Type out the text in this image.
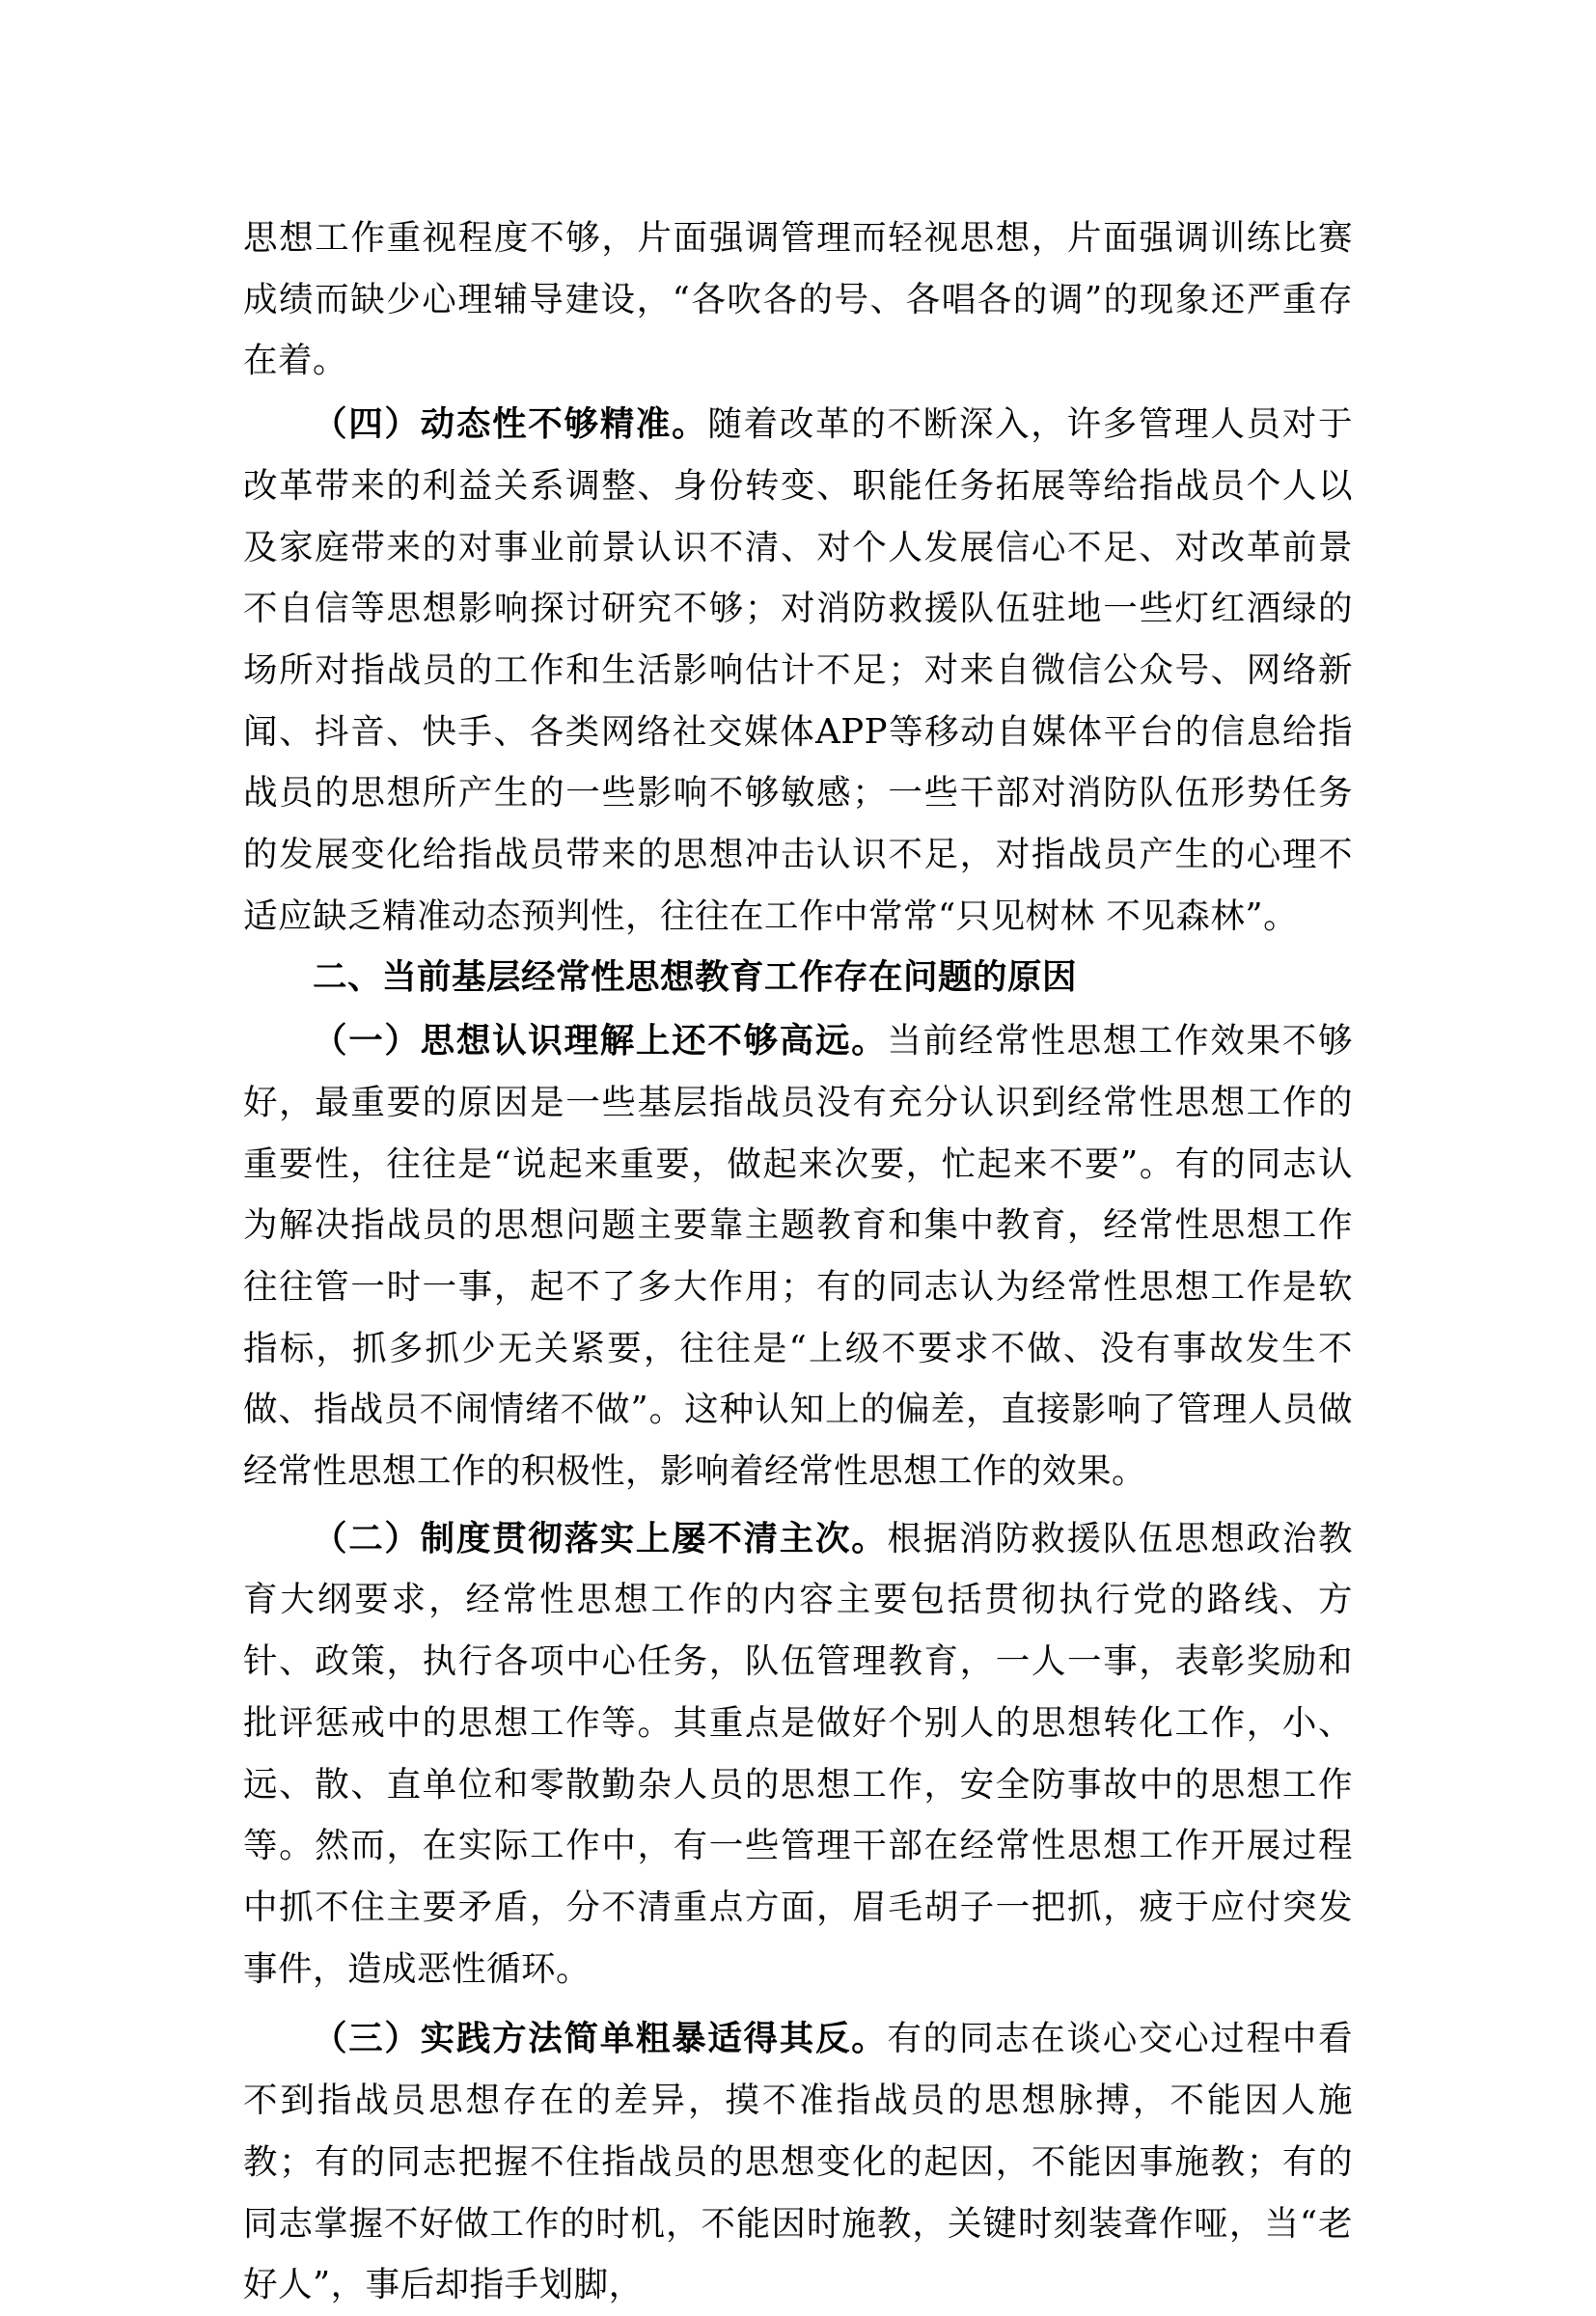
思想工作重视程度不够，片面强调管理而轻视思想，片面强调训练比赛成绩而缺少心理辅导建设，“各吹各的号、各唱各的调”的现象还严重存在着。

（四）动态性不够精准。随着改革的不断深入，许多管理人员对于改革带来的利益关系调整、身份转变、职能任务拓展等给指战员个人以及家庭带来的对事业前景认识不清、对个人发展信心不足、对改革前景不自信等思想影响探讨研究不够；对消防救援队伍驻地一些灯红酒绿的场所对指战员的工作和生活影响估计不足；对来自微信公众号、网络新闻、抖音、快手、各类网络社交媒体APP等移动自媒体平台的信息给指战员的思想所产生的一些影响不够敏感；一些干部对消防队伍形势任务的发展变化给指战员带来的思想冲击认识不足，对指战员产生的心理不适应缺乏精准动态预判性，往往在工作中常常“只见树林 不见森林”。

二、当前基层经常性思想教育工作存在问题的原因

（一）思想认识理解上还不够高远。当前经常性思想工作效果不够好，最重要的原因是一些基层指战员没有充分认识到经常性思想工作的重要性，往往是“说起来重要，做起来次要，忙起来不要”。有的同志认为解决指战员的思想问题主要靠主题教育和集中教育，经常性思想工作往往管一时一事，起不了多大作用；有的同志认为经常性思想工作是软指标，抓多抓少无关紧要，往往是“上级不要求不做、没有事故发生不做、指战员不闹情绪不做”。这种认知上的偏差，直接影响了管理人员做经常性思想工作的积极性，影响着经常性思想工作的效果。

（二）制度贯彻落实上屡不清主次。根据消防救援队伍思想政治教育大纲要求，经常性思想工作的内容主要包括贯彻执行党的路线、方针、政策，执行各项中心任务，队伍管理教育，一人一事，表彰奖励和批评惩戒中的思想工作等。其重点是做好个别人的思想转化工作，小、远、散、直单位和零散勤杂人员的思想工作，安全防事故中的思想工作等。然而，在实际工作中，有一些管理干部在经常性思想工作开展过程中抓不住主要矛盾，分不清重点方面，眉毛胡子一把抓，疲于应付突发事件，造成恶性循环。

（三）实践方法简单粗暴适得其反。有的同志在谈心交心过程中看不到指战员思想存在的差异，摸不准指战员的思想脉搏，不能因人施教；有的同志把握不住指战员的思想变化的起因，不能因事施教；有的同志掌握不好做工作的时机，不能因时施教，关键时刻装聋作哑，当“老好人”，事后却指手划脚，
